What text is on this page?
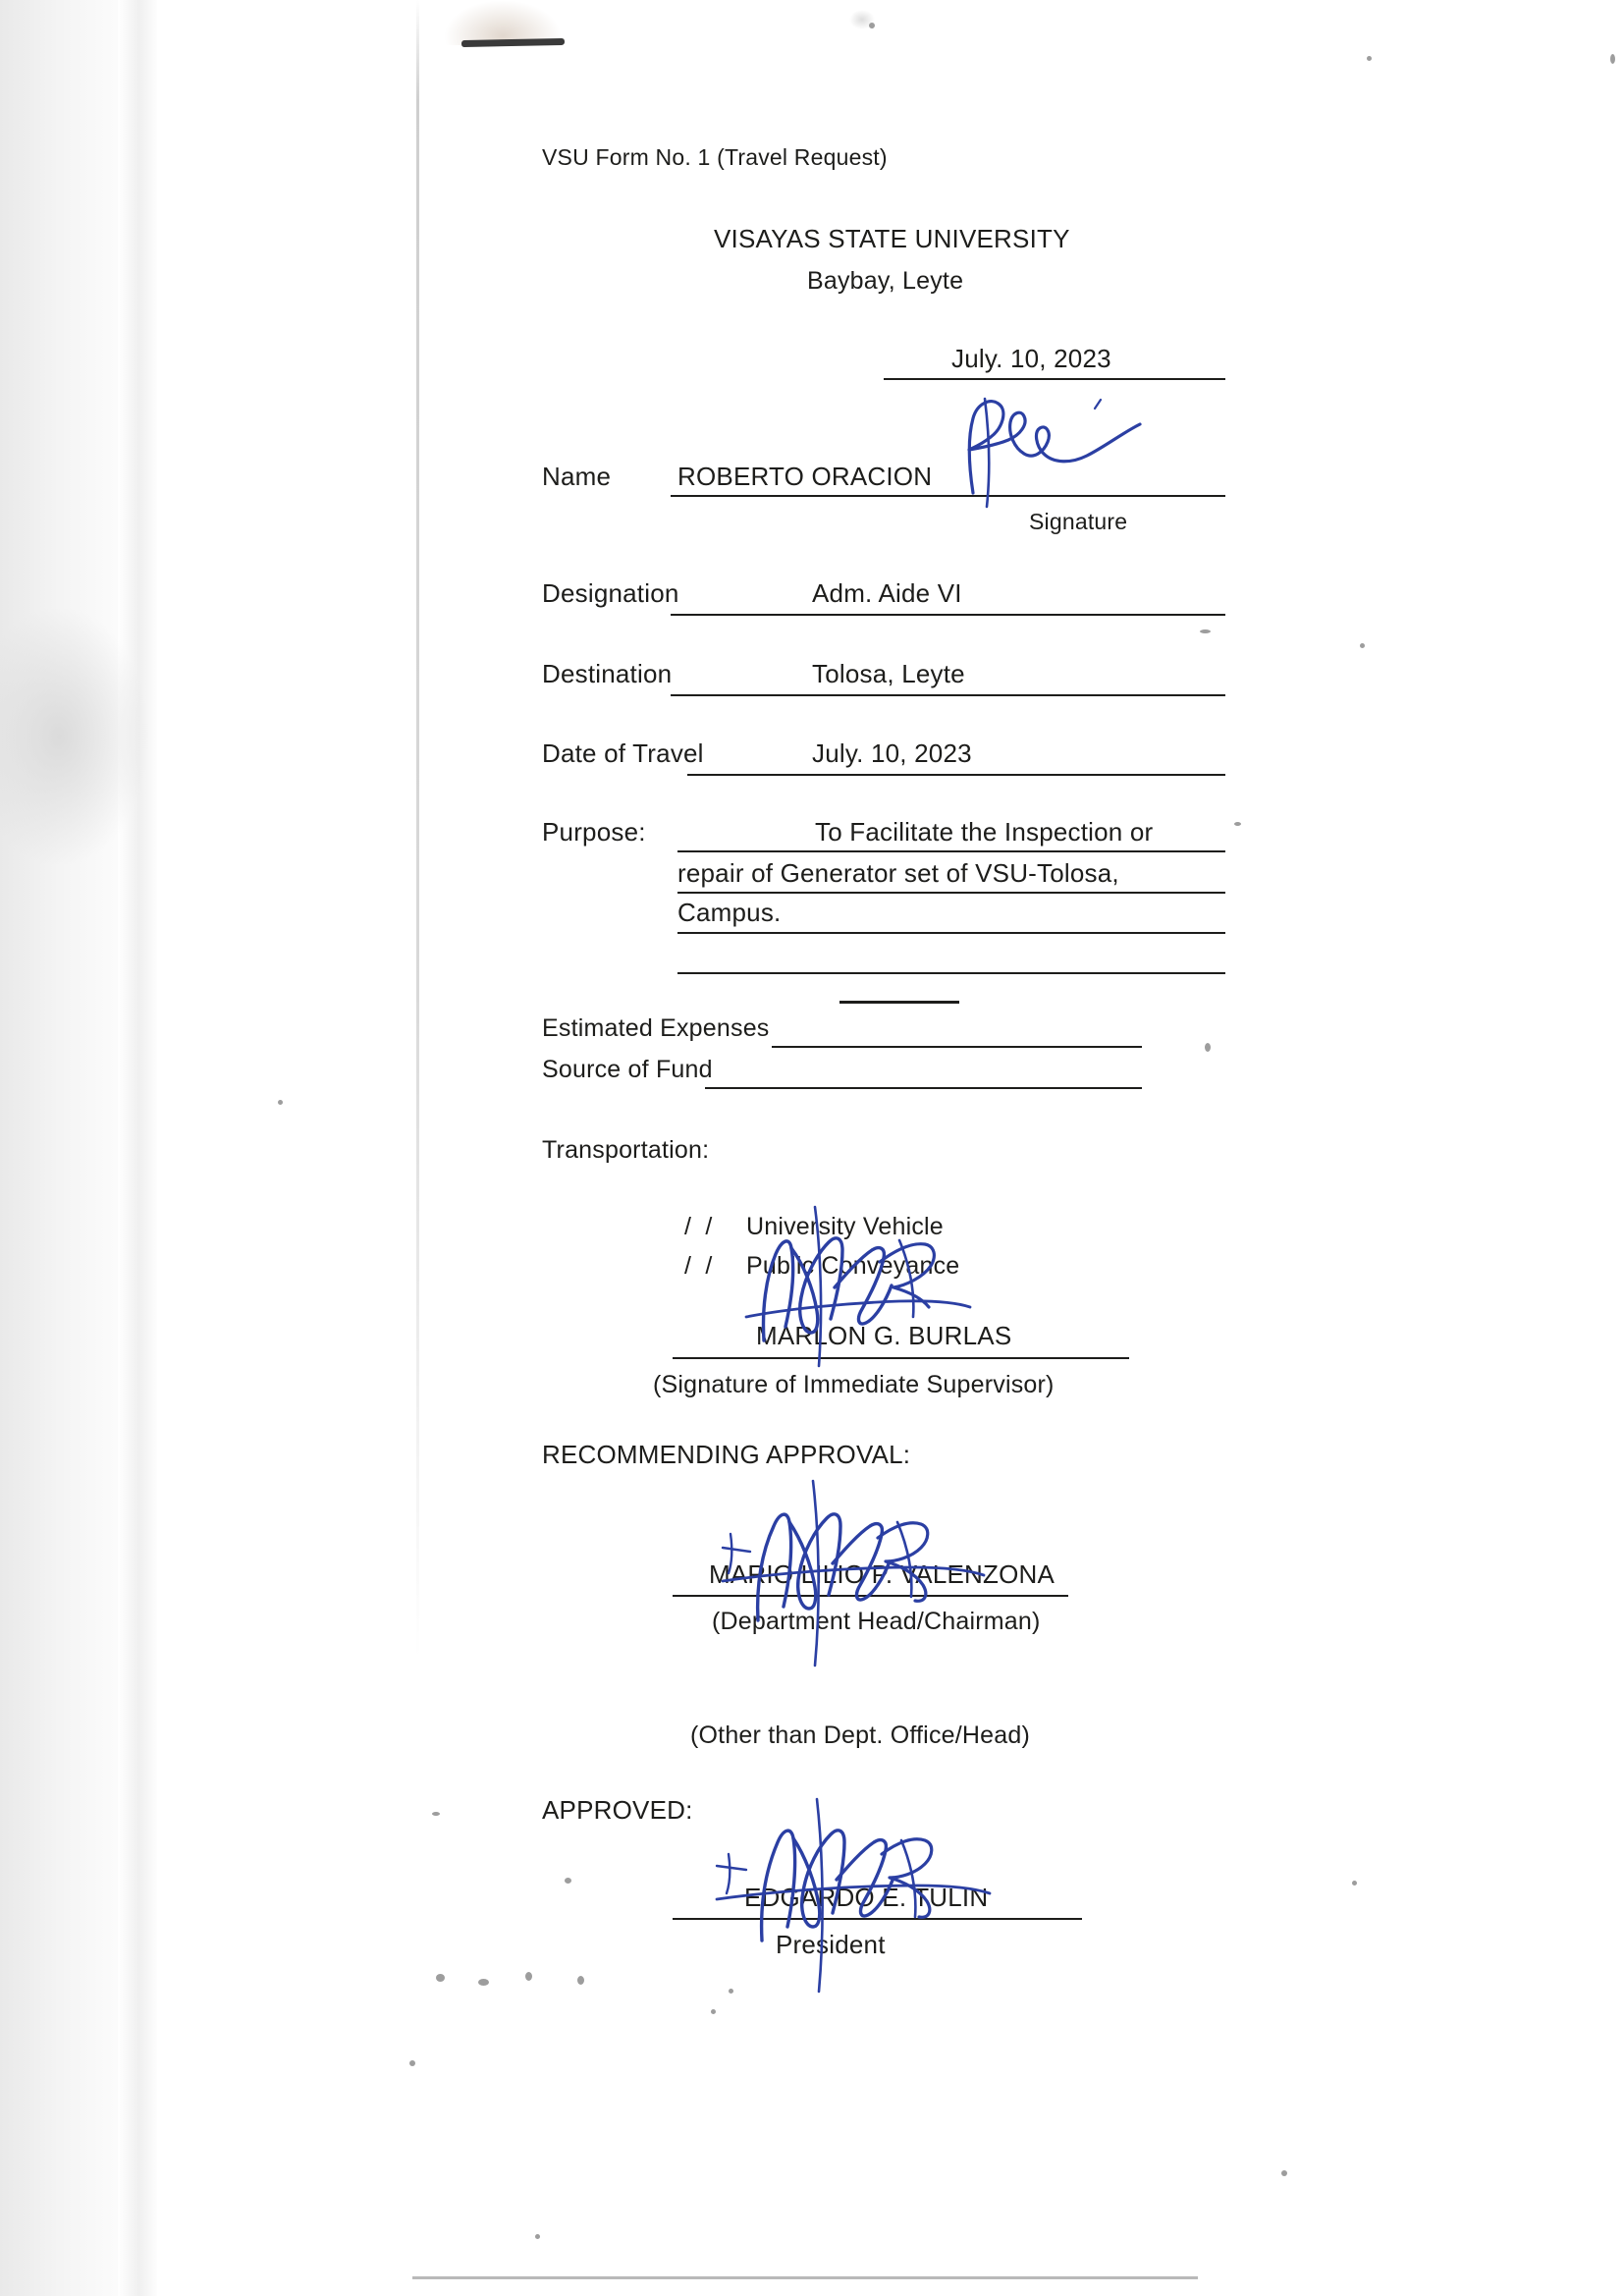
VSU Form No. 1 (Travel Request)
VISAYAS STATE UNIVERSITY
Baybay, Leyte
July. 10, 2023
Name	ROBERTO ORACION
Signature
Designation	Adm. Aide VI
Destination	Tolosa, Leyte
Date of Travel	July. 10, 2023
Purpose:	To Facilitate the Inspection or
repair of Generator set of VSU-Tolosa,
Campus.
Estimated Expenses
Source of Fund
Transportation:
/  / University Vehicle
/  / Public Conveyance
MARLON G. BURLAS
(Signature of Immediate Supervisor)
RECOMMENDING APPROVAL:
MARIO LILIO P. VALENZONA
(Department Head/Chairman)
(Other than Dept. Office/Head)
APPROVED:
EDGARDO E. TULIN
President
